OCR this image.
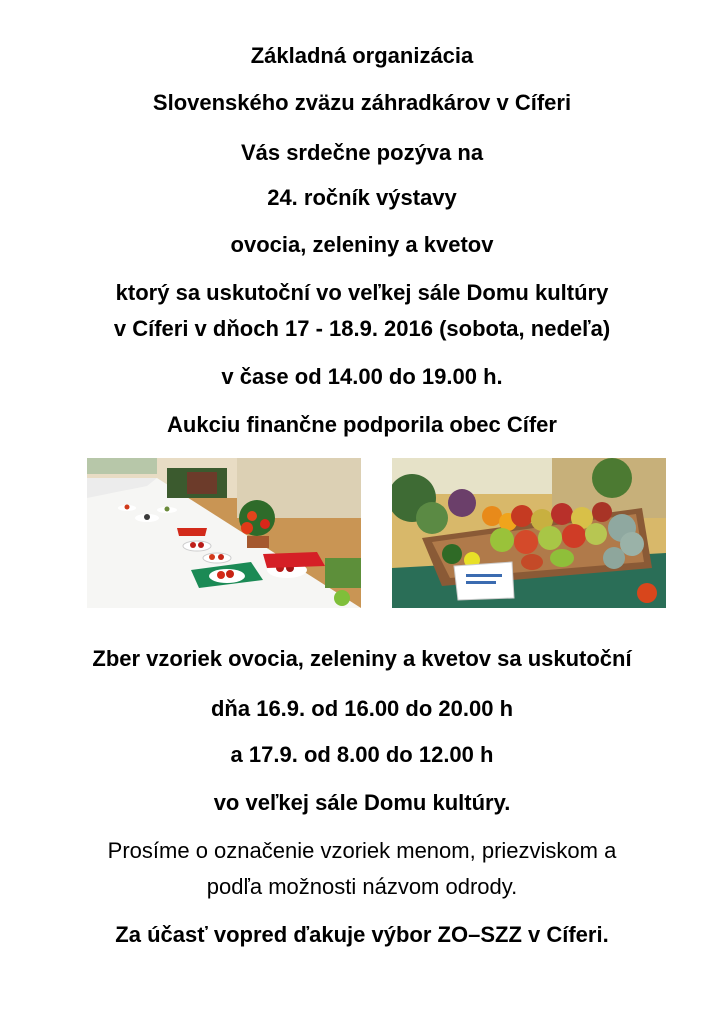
Základná organizácia
Slovenského zväzu záhradkárov v Cíferi
Vás srdečne pozýva na
24. ročník výstavy
ovocia, zeleniny a kvetov
ktorý sa uskutoční vo veľkej sále Domu kultúry
v Cíferi v dňoch 17 - 18.9. 2016 (sobota, nedeľa)
v čase od 14.00 do 19.00 h.
Aukciu finančne podporila obec Cífer
Zber vzoriek ovocia, zeleniny a kvetov sa uskutoční
dňa 16.9. od 16.00 do 20.00 h
a 17.9. od 8.00 do 12.00 h
vo veľkej sále Domu kultúry.
Prosíme o označenie vzoriek menom, priezviskom a
podľa možnosti názvom odrody.
Za účasť vopred ďakuje výbor ZO–SZZ v Cíferi.
